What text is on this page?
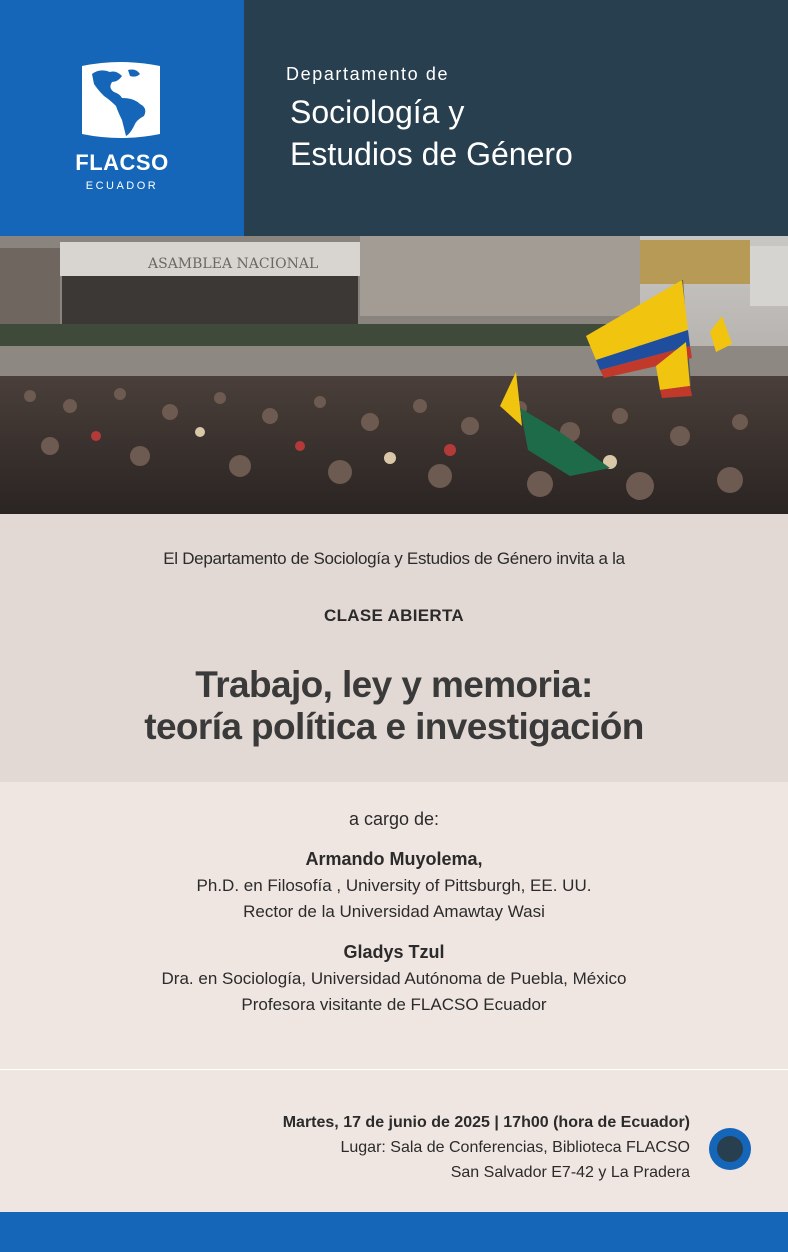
FLACSO
ECUADOR
Departamento de
Sociología y
Estudios de Género
ASAMBLEA NACIONAL
El Departamento de Sociología y Estudios de Género invita a la
CLASE ABIERTA
Trabajo, ley y memoria:
teoría política e investigación
a cargo de:
Armando Muyolema,
Ph.D. en Filosofía , University of Pittsburgh, EE. UU.
Rector de la Universidad Amawtay Wasi
Gladys Tzul
Dra. en Sociología, Universidad Autónoma de Puebla, México
Profesora visitante de FLACSO Ecuador
Martes, 17 de junio de 2025 | 17h00 (hora de Ecuador)
Lugar: Sala de Conferencias, Biblioteca FLACSO
San Salvador E7-42 y La Pradera
